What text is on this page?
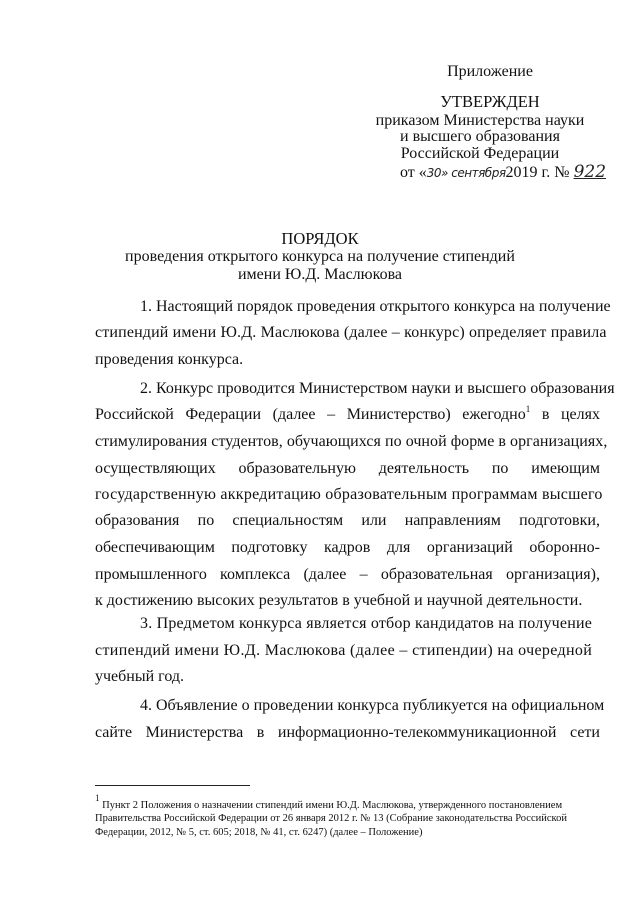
Приложение
УТВЕРЖДЕН
приказом Министерства науки
и высшего образования
Российской Федерации
от «30» сентября2019 г. № 922
ПОРЯДОК
проведения открытого конкурса на получение стипендий
имени Ю.Д. Маслюкова
1. Настоящий порядок проведения открытого конкурса на получение
стипендий имени Ю.Д. Маслюкова (далее – конкурс) определяет правила
проведения конкурса.
2. Конкурс проводится Министерством науки и высшего образования
Российской Федерации (далее – Министерство) ежегодно$^1$ в целях
стимулирования студентов, обучающихся по очной форме в организациях,
осуществляющих образовательную деятельность по имеющим
государственную аккредитацию образовательным программам высшего
образования по специальностям или направлениям подготовки,
обеспечивающим подготовку кадров для организаций оборонно-
промышленного комплекса (далее – образовательная организация),
к достижению высоких результатов в учебной и научной деятельности.
3. Предметом конкурса является отбор кандидатов на получение
стипендий имени Ю.Д. Маслюкова (далее – стипендии) на очередной
учебный год.
4. Объявление о проведении конкурса публикуется на официальном
сайте Министерства в информационно-телекоммуникационной сети
$^1$ Пункт 2 Положения о назначении стипендий имени Ю.Д. Маслюкова, утвержденного постановлением
Правительства Российской Федерации от 26 января 2012 г. № 13 (Собрание законодательства Российской
Федерации, 2012, № 5, ст. 605; 2018, № 41, ст. 6247) (далее – Положение)
